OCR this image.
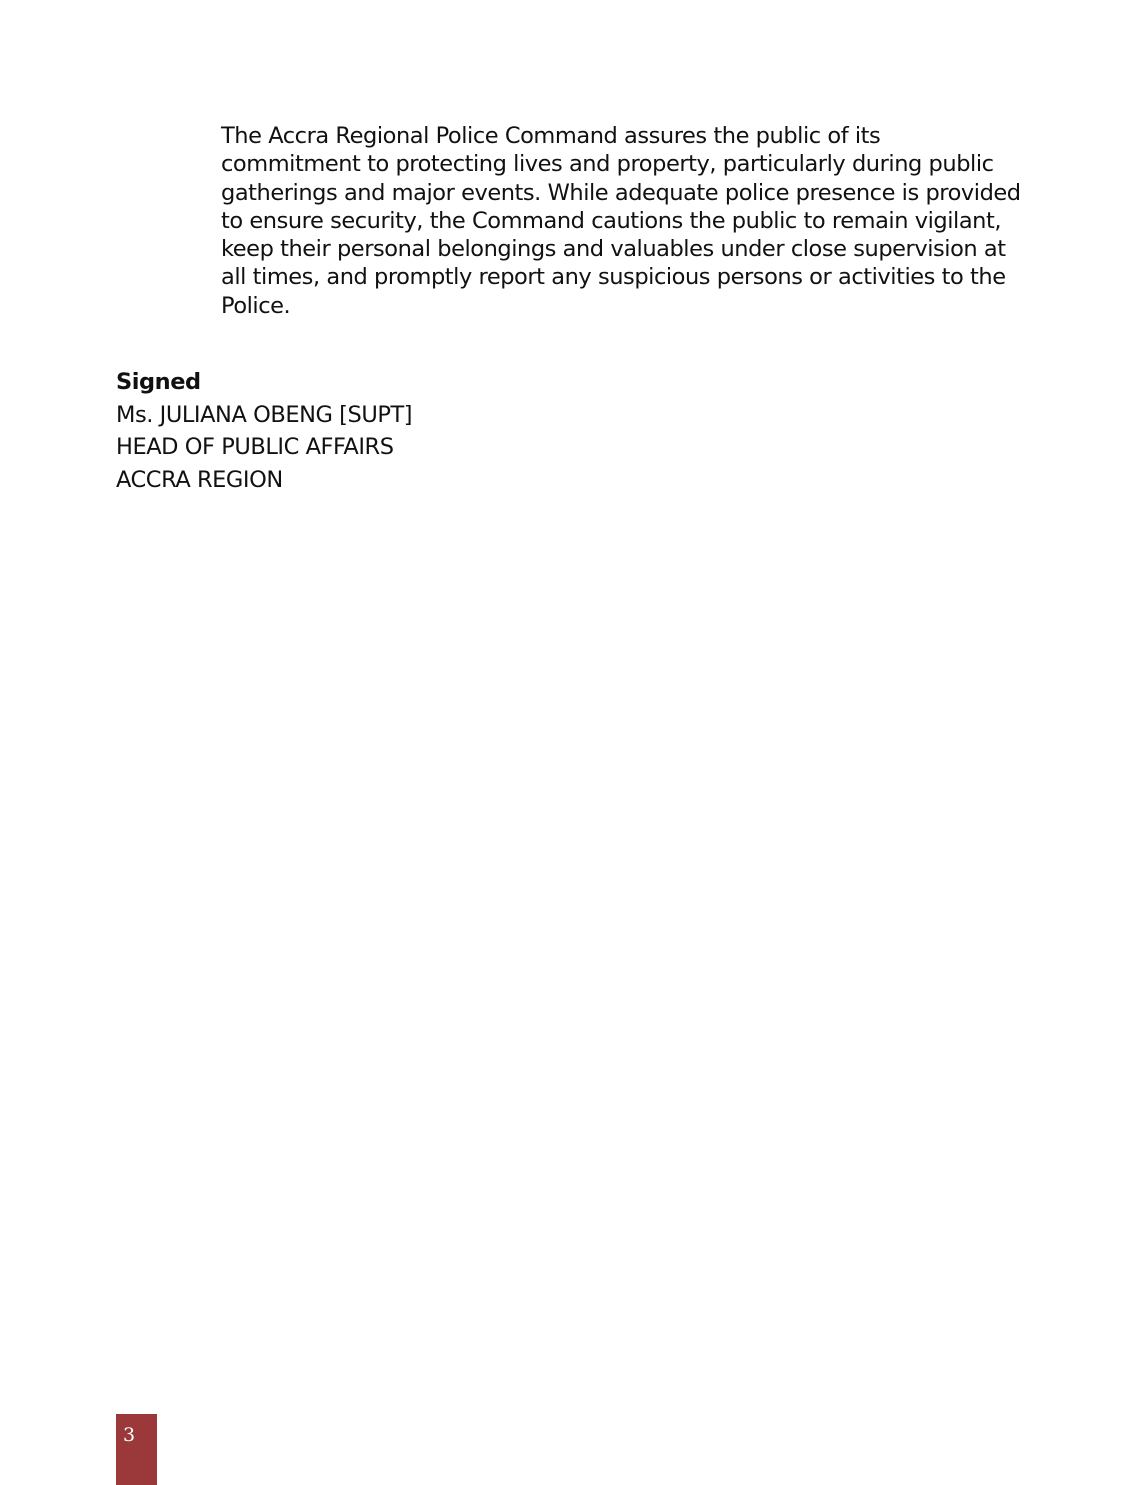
The Accra Regional Police Command assures the public of its commitment to protecting lives and property, particularly during public gatherings and major events. While adequate police presence is provided to ensure security, the Command cautions the public to remain vigilant, keep their personal belongings and valuables under close supervision at all times, and promptly report any suspicious persons or activities to the Police.

Signed
Ms. JULIANA OBENG [SUPT]
HEAD OF PUBLIC AFFAIRS
ACCRA REGION
3
